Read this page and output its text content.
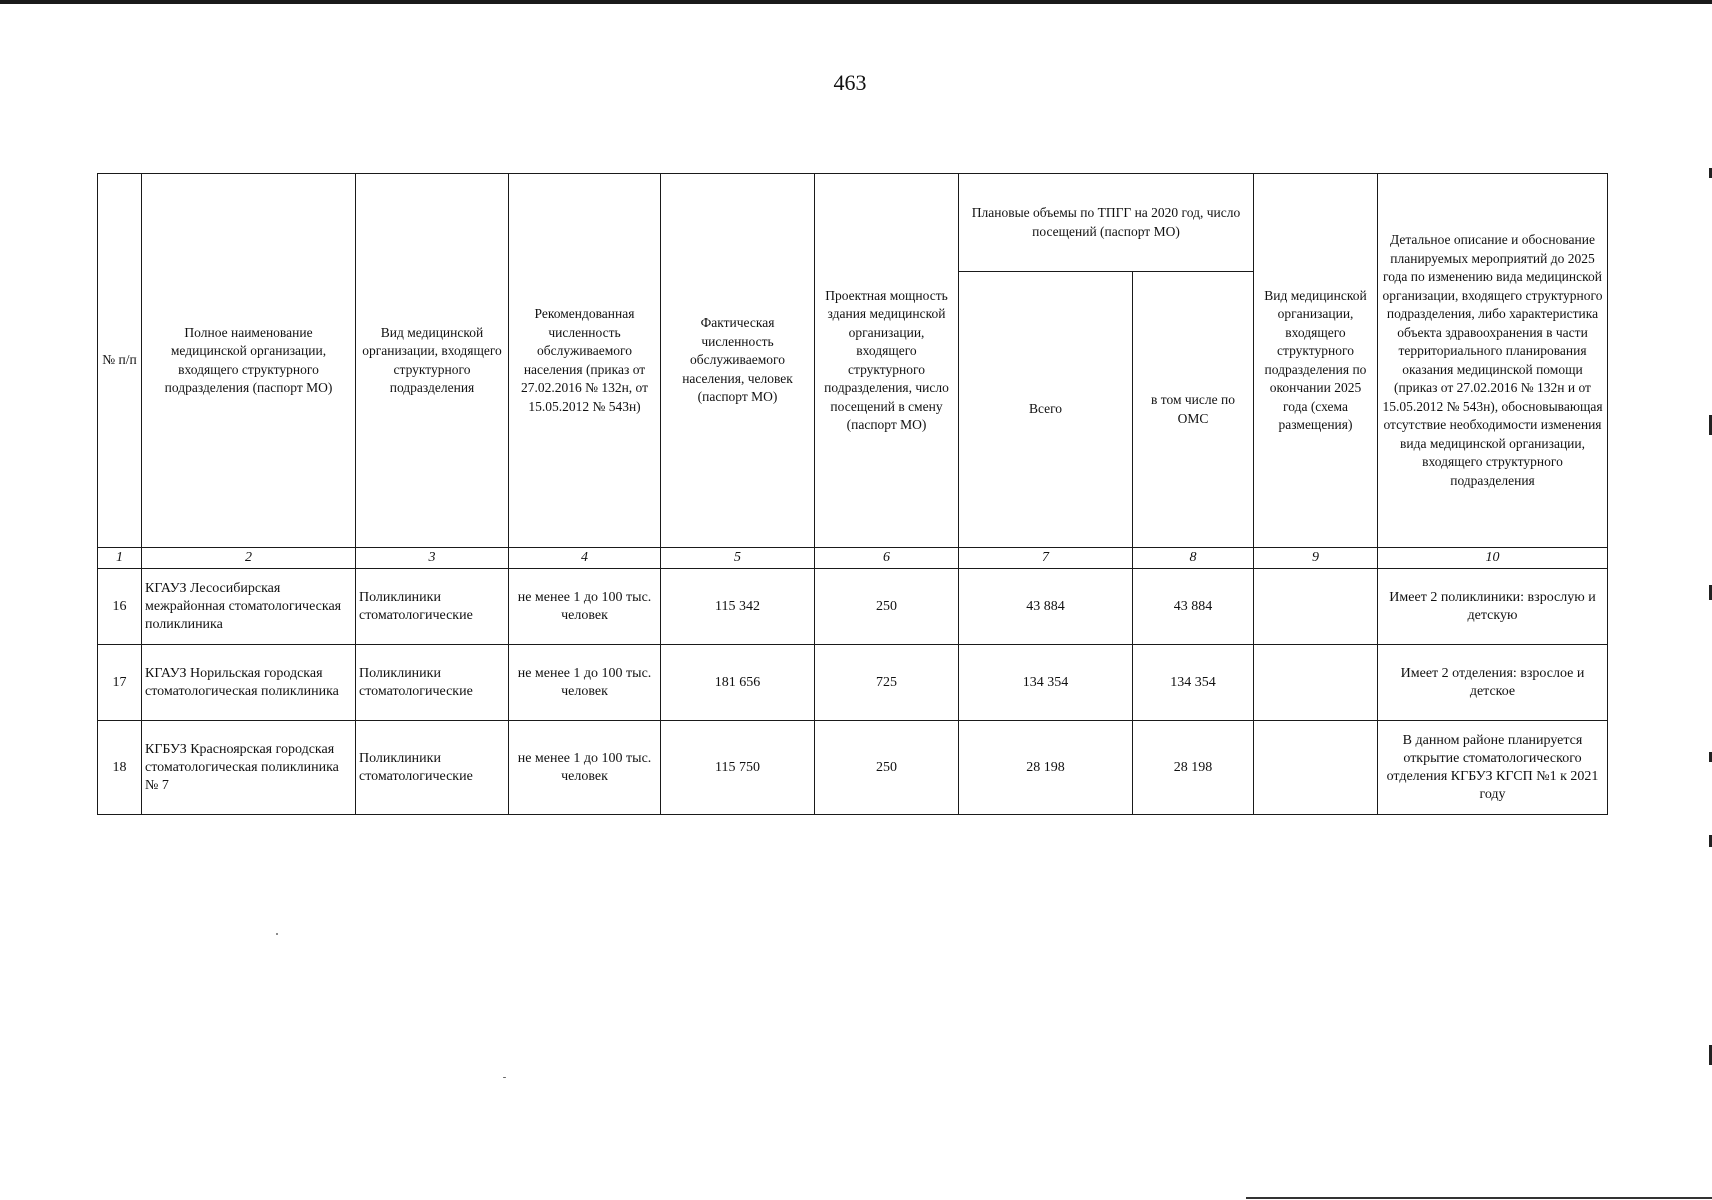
463
№ п/п	Полное наименование медицинской организации, входящего структурного подразделения (паспорт МО)	Вид медицинской организации, входящего структурного подразделения	Рекомендованная численность обслуживаемого населения (приказ от 27.02.2016 № 132н, от 15.05.2012 № 543н)	Фактическая численность обслуживаемого населения, человек (паспорт МО)	Проектная мощность здания медицинской организации, входящего структурного подразделения, число посещений в смену (паспорт МО)	Плановые объемы по ТПГГ на 2020 год, число посещений (паспорт МО)		Вид медицинской организации, входящего структурного подразделения по окончании 2025 года (схема размещения)	Детальное описание и обоснование планируемых мероприятий до 2025 года по изменению вида медицинской организации, входящего структурного подразделения, либо характеристика объекта здравоохранения в части территориального планирования оказания медицинской помощи (приказ от 27.02.2016 № 132н и от 15.05.2012 № 543н), обосновывающая отсутствие необходимости изменения вида медицинской организации, входящего структурного подразделения
						Всего	в том числе по ОМС		
1	2	3	4	5	6	7	8	9	10
16	КГАУЗ Лесосибирская межрайонная стоматологическая поликлиника	Поликлиники стоматологические	не менее 1 до 100 тыс. человек	115 342	250	43 884	43 884		Имеет 2 поликлиники: взрослую и детскую
17	КГАУЗ Норильская городская стоматологическая поликлиника	Поликлиники стоматологические	не менее 1 до 100 тыс. человек	181 656	725	134 354	134 354		Имеет 2 отделения: взрослое и детское
18	КГБУЗ Красноярская городская стоматологическая поликлиника № 7	Поликлиники стоматологические	не менее 1 до 100 тыс. человек	115 750	250	28 198	28 198		В данном районе планируется открытие стоматологического отделения КГБУЗ КГСП №1 к 2021 году
